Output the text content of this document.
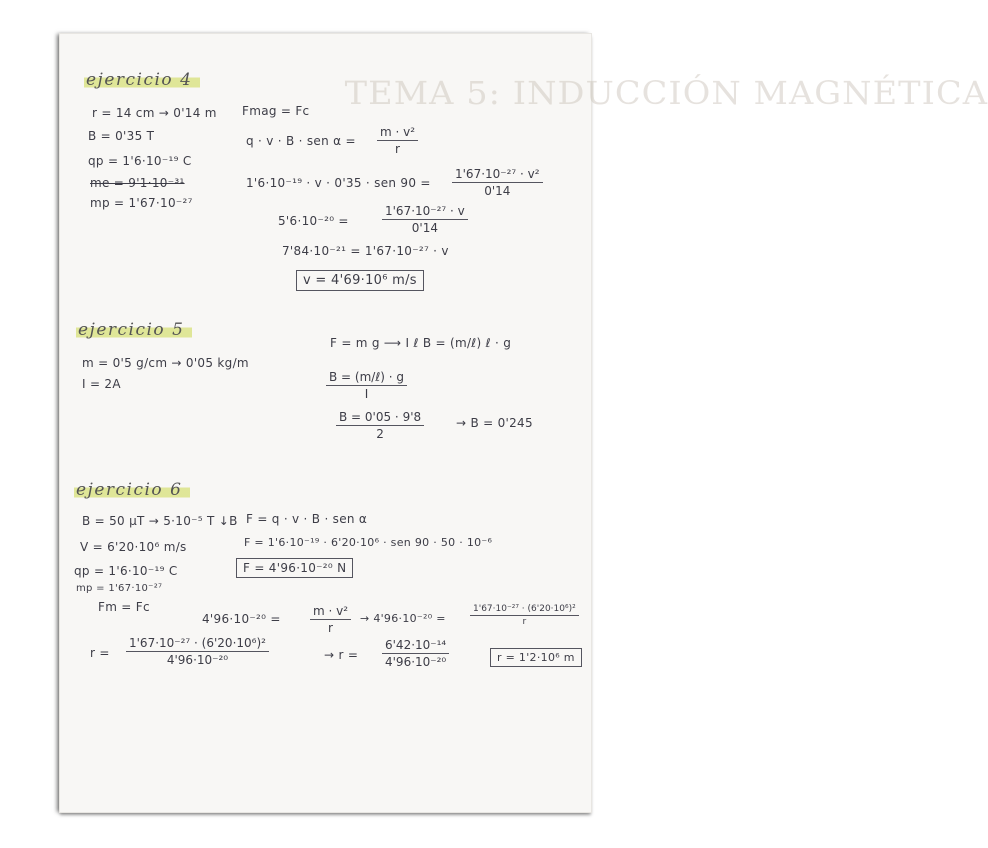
TEMA 5: INDUCCIÓN MAGNÉTICA
ejercicio 4
r = 14 cm → 0'14 m Fmag = Fc
B = 0'35 T	q · v · B · sen $\alpha = \frac{\text{m · v²}}{r}$
qp = 1'6·10⁻¹⁹ C
me = 9'1·10⁻³¹	1'6·10⁻¹⁹ · v · 0'35 · sen $90 = \frac{\text{1'67·10⁻²⁷ · v²}}{0'14}$
mp = 1'67·10⁻²⁷
5'6·10⁻²⁰ =	$\frac{\text{1'67·10⁻²⁷ · v}}{0'14}$
7'84·10⁻²¹ = 1'67·10⁻²⁷ · v
v = 4'69·10⁶ m/s
ejercicio 5
F = m g ⟶ I ℓ B = (m/ℓ) ℓ · g
m = 0'5 g/cm → 0'05 kg/m
I = 2A	B = (m/ℓ) · g
I
$\frac{B = 0'05 \cdot 9'8}{2}$	→ B = 0'245
ejercicio 6
B = 50 μT → 5·10⁻⁵ T ↓B F = q · v · B · sen α
V = 6'20·10⁶ m/s	F = 1'6·10⁻¹⁹ · 6'20·10⁶ · sen 90 · 50 · 10⁻⁶
qp = 1'6·10⁻¹⁹ C	F = 4'96·10⁻²⁰ N
mp = 1'67·10⁻²⁷
Fm = Fc
$4'96\cdot 10^{-20} = \frac{\text{m · v²}}{r} \to 4'96\cdot 10^{-20}$ =	$\frac{\text{1'67·10⁻²⁷ · (6'20·10⁶)²}}{r}$
$r = \frac{\text{1'67·10⁻²⁷ · (6'20·10⁶)²}}{\text{4'96·10⁻²⁰}}$	→ $r = \frac{\text{6'42·10⁻¹⁴}}{\text{4'96·10⁻²⁰}}$	r = 1'2·10⁶ m
